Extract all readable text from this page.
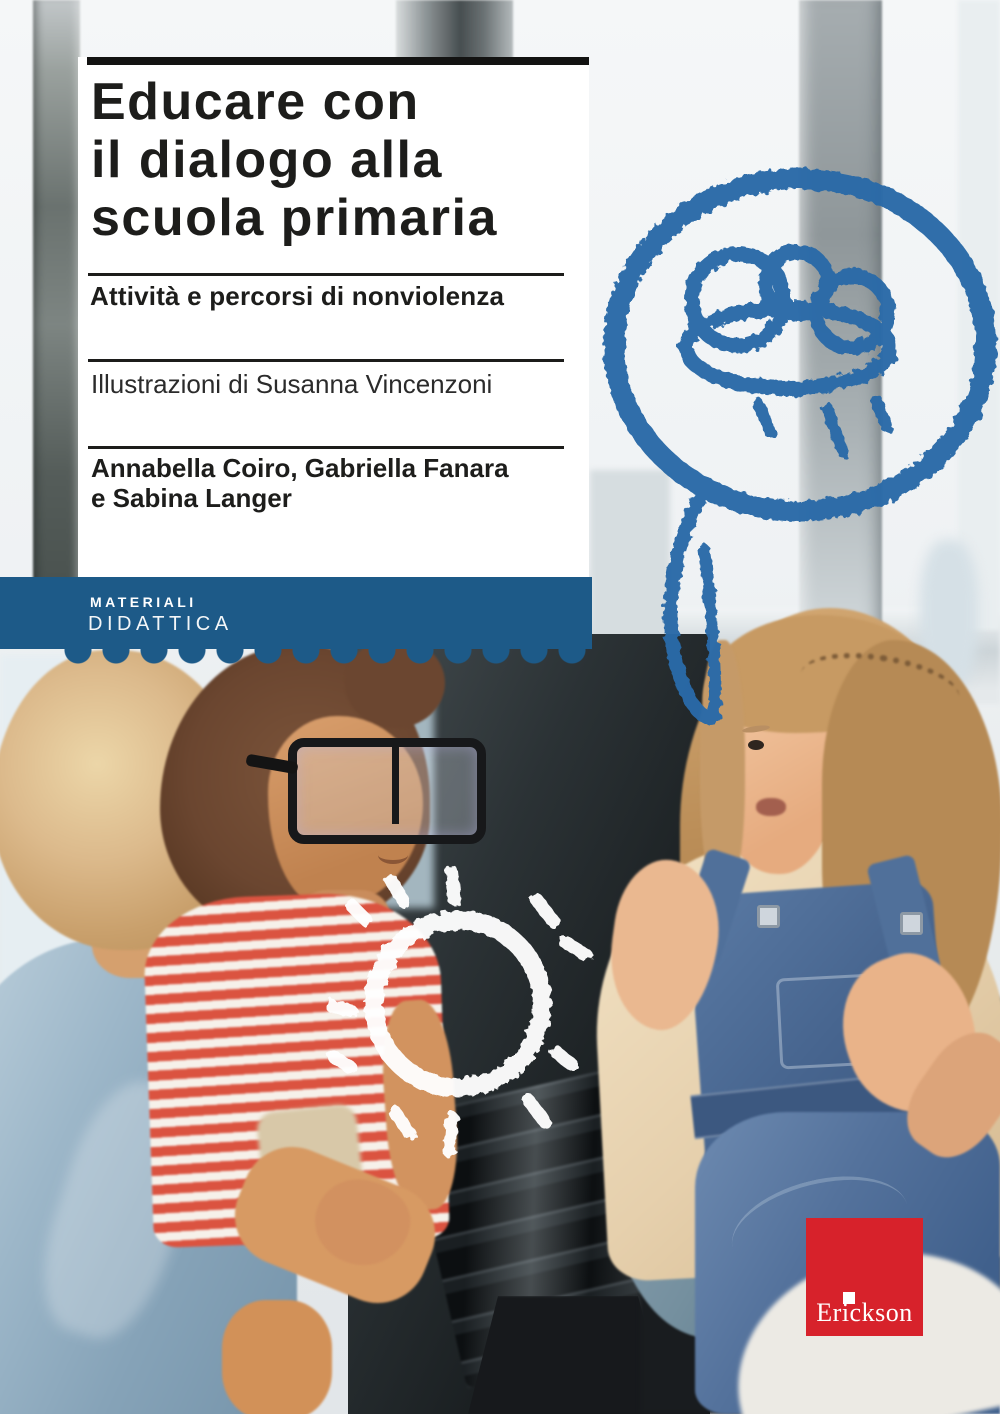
Educare con
il dialogo alla
scuola primaria
Attività e percorsi di nonviolenza
Illustrazioni di Susanna Vincenzoni
Annabella Coiro, Gabriella Fanara
e Sabina Langer
MATERIALI
DIDATTICA
Erickson
